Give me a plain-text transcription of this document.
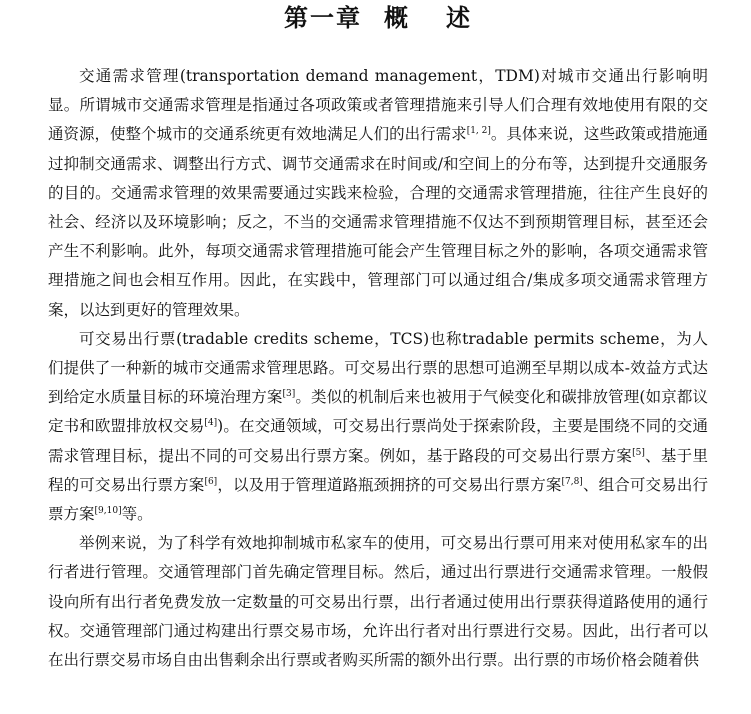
第一章 概 述

交通需求管理(transportation demand management，TDM)对城市交通出行影响明显。所谓城市交通需求管理是指通过各项政策或者管理措施来引导人们合理有效地使用有限的交通资源，使整个城市的交通系统更有效地满足人们的出行需求[1, 2]。具体来说，这些政策或措施通过抑制交通需求、调整出行方式、调节交通需求在时间或/和空间上的分布等，达到提升交通服务的目的。交通需求管理的效果需要通过实践来检验，合理的交通需求管理措施，往往产生良好的社会、经济以及环境影响；反之，不当的交通需求管理措施不仅达不到预期管理目标，甚至还会产生不利影响。此外，每项交通需求管理措施可能会产生管理目标之外的影响，各项交通需求管理措施之间也会相互作用。因此，在实践中，管理部门可以通过组合/集成多项交通需求管理方案，以达到更好的管理效果。

可交易出行票(tradable credits scheme，TCS)也称tradable permits scheme，为人们提供了一种新的城市交通需求管理思路。可交易出行票的思想可追溯至早期以成本-效益方式达到给定水质量目标的环境治理方案[3]。类似的机制后来也被用于气候变化和碳排放管理(如京都议定书和欧盟排放权交易[4])。在交通领域，可交易出行票尚处于探索阶段，主要是围绕不同的交通需求管理目标，提出不同的可交易出行票方案。例如，基于路段的可交易出行票方案[5]、基于里程的可交易出行票方案[6]，以及用于管理道路瓶颈拥挤的可交易出行票方案[7,8]、组合可交易出行票方案[9,10]等。

举例来说，为了科学有效地抑制城市私家车的使用，可交易出行票可用来对使用私家车的出行者进行管理。交通管理部门首先确定管理目标。然后，通过出行票进行交通需求管理。一般假设向所有出行者免费发放一定数量的可交易出行票，出行者通过使用出行票获得道路使用的通行权。交通管理部门通过构建出行票交易市场，允许出行者对出行票进行交易。因此，出行者可以在出行票交易市场自由出售剩余出行票或者购买所需的额外出行票。出行票的市场价格会随着供
